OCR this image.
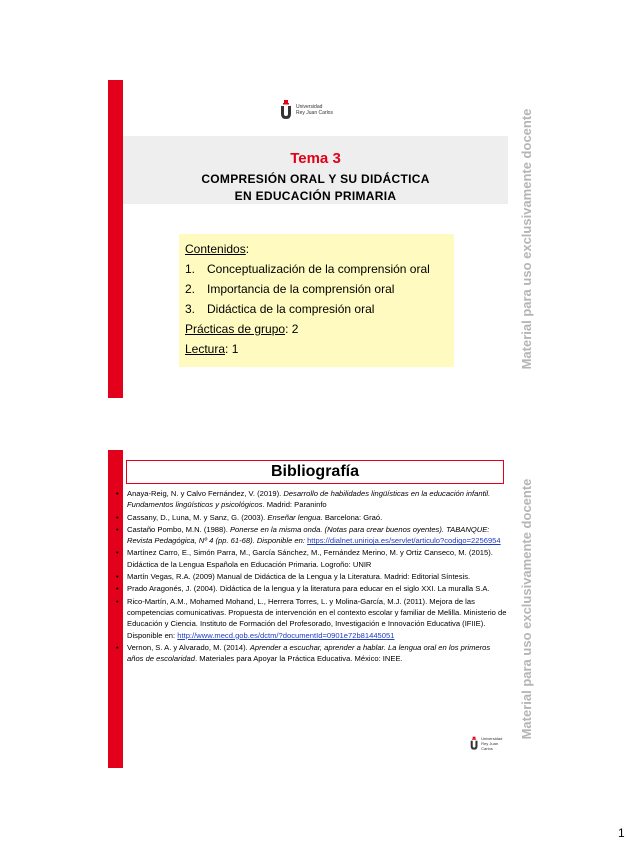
Universidad
Rey Juan Carlos
Tema 3
COMPRESIÓN ORAL Y SU DIDÁCTICA
EN EDUCACIÓN PRIMARIA
Contenidos:
1. Conceptualización de la comprensión oral
2. Importancia de la comprensión oral
3. Didáctica de la compresión oral
Prácticas de grupo: 2
Lectura: 1	Material para uso exclusivamente docente
Bibliografía
•	Anaya-Reig, N. y Calvo Fernández, V. (2019). Desarrollo de habilidades lingüísticas en la educación infantil. Fundamentos lingüísticos y psicológicos. Madrid: Paraninfo
•	Cassany, D., Luna, M. y Sanz, G. (2003). Enseñar lengua. Barcelona: Graó.
•	Castaño Pombo, M.N. (1988). Ponerse en la misma onda. (Notas para crear buenos oyentes). TABANQUE: Revista Pedagógica, Nº 4 (pp. 61-68). Disponible en: https://dialnet.unirioja.es/servlet/articulo?codigo=2256954
•	Martínez Carro, E., Simón Parra, M., García Sánchez, M., Fernández Merino, M. y Ortiz Canseco, M. (2015). Didáctica de la Lengua Española en Educación Primaria. Logroño: UNIR
•	Martín Vegas, R.A. (2009) Manual de Didáctica de la Lengua y la Literatura. Madrid: Editorial Síntesis.
•	Prado Aragonés, J. (2004). Didáctica de la lengua y la literatura para educar en el siglo XXI. La muralla S.A.
•	Rico-Martín, A.M., Mohamed Mohand, L., Herrera Torres, L. y Molina-García, M.J. (2011). Mejora de las competencias comunicativas. Propuesta de intervención en el contexto escolar y familiar de Melilla. Ministerio de Educación y Ciencia. Instituto de Formación del Profesorado, Investigación e Innovación Educativa (IFIIE). Disponible en: http://www.mecd.gob.es/dctm/?documentId=0901e72b81445051
•	Vernon, S. A. y Alvarado, M. (2014). Aprender a escuchar, aprender a hablar. La lengua oral en los primeros años de escolaridad. Materiales para Apoyar la Práctica Educativa. México: INEE.
Universidad
Rey Juan Carlos
Material para uso exclusivamente docente
1
